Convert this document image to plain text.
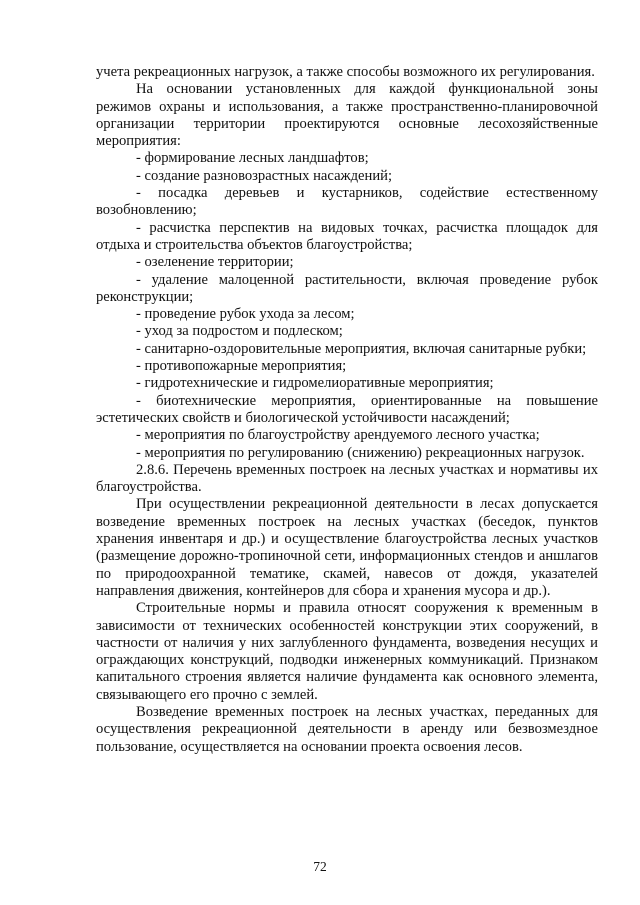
учета рекреационных нагрузок, а также способы возможного их регулирования.

На основании установленных для каждой функциональной зоны режимов охраны и использования, а также пространственно-планировочной организации территории проектируются основные лесохозяйственные мероприятия:

- формирование лесных ландшафтов;

- создание разновозрастных насаждений;

- посадка деревьев и кустарников, содействие естественному возобновлению;

- расчистка перспектив на видовых точках, расчистка площадок для отдыха и строительства объектов благоустройства;

- озеленение территории;

- удаление малоценной растительности, включая проведение рубок реконструкции;

- проведение рубок ухода за лесом;

- уход за подростом и подлеском;

- санитарно-оздоровительные мероприятия, включая санитарные рубки;

- противопожарные мероприятия;

- гидротехнические и гидромелиоративные мероприятия;

- биотехнические мероприятия, ориентированные на повышение эстетических свойств и биологической устойчивости насаждений;

- мероприятия по благоустройству арендуемого лесного участка;

- мероприятия по регулированию (снижению) рекреационных нагрузок.

2.8.6. Перечень временных построек на лесных участках и нормативы их благоустройства.

При осуществлении рекреационной деятельности в лесах допускается возведение временных построек на лесных участках (беседок, пунктов хранения инвентаря и др.) и осуществление благоустройства лесных участков (размещение дорожно-тропиночной сети, информационных стендов и аншлагов по природоохранной тематике, скамей, навесов от дождя, указателей направления движения, контейнеров для сбора и хранения мусора и др.).

Строительные нормы и правила относят сооружения к временным в зависимости от технических особенностей конструкции этих сооружений, в частности от наличия у них заглубленного фундамента, возведения несущих и ограждающих конструкций, подводки инженерных коммуникаций. Признаком капитального строения является наличие фундамента как основного элемента, связывающего его прочно с землей.

Возведение временных построек на лесных участках, переданных для осуществления рекреационной деятельности в аренду или безвозмездное пользование, осуществляется на основании проекта освоения лесов.

72
